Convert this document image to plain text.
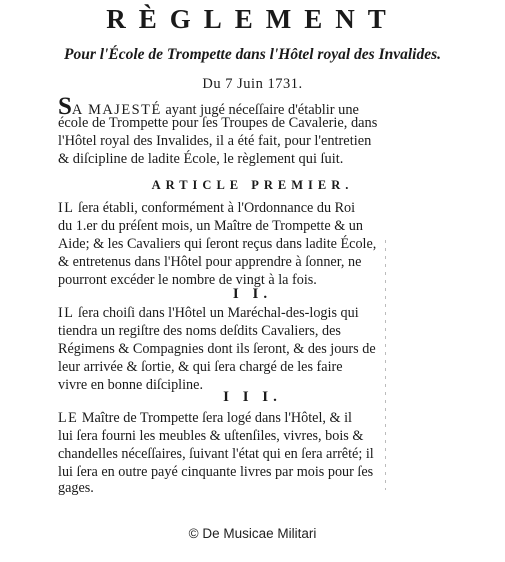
RÈGLEMENT
Pour l'École de Trompette dans l'Hôtel royal des Invalides.
Du 7 Juin 1731.
SA MAJESTÉ ayant jugé néceſſaire d'établir une
école de Trompette pour ſes Troupes de Cavalerie, dans
l'Hôtel royal des Invalides, il a été fait, pour l'entretien
& diſcipline de ladite École, le règlement qui ſuit.
ARTICLE PREMIER.
IL ſera établi, conformément à l'Ordonnance du Roi
du 1.er du préſent mois, un Maître de Trompette & un
Aide; & les Cavaliers qui ſeront reçus dans ladite École,
& entretenus dans l'Hôtel pour apprendre à ſonner, ne
pourront excéder le nombre de vingt à la fois.
I I.
IL ſera choiſi dans l'Hôtel un Maréchal-des-logis qui
tiendra un regiſtre des noms deſdits Cavaliers, des
Régimens & Compagnies dont ils ſeront, & des jours de
leur arrivée & ſortie, & qui ſera chargé de les faire
vivre en bonne diſcipline.
I I I.
LE Maître de Trompette ſera logé dans l'Hôtel, & il
lui ſera fourni les meubles & uſtenſiles, vivres, bois &
chandelles néceſſaires, ſuivant l'état qui en ſera arrêté; il
lui ſera en outre payé cinquante livres par mois pour ſes
gages.
© De Musicae Militari
